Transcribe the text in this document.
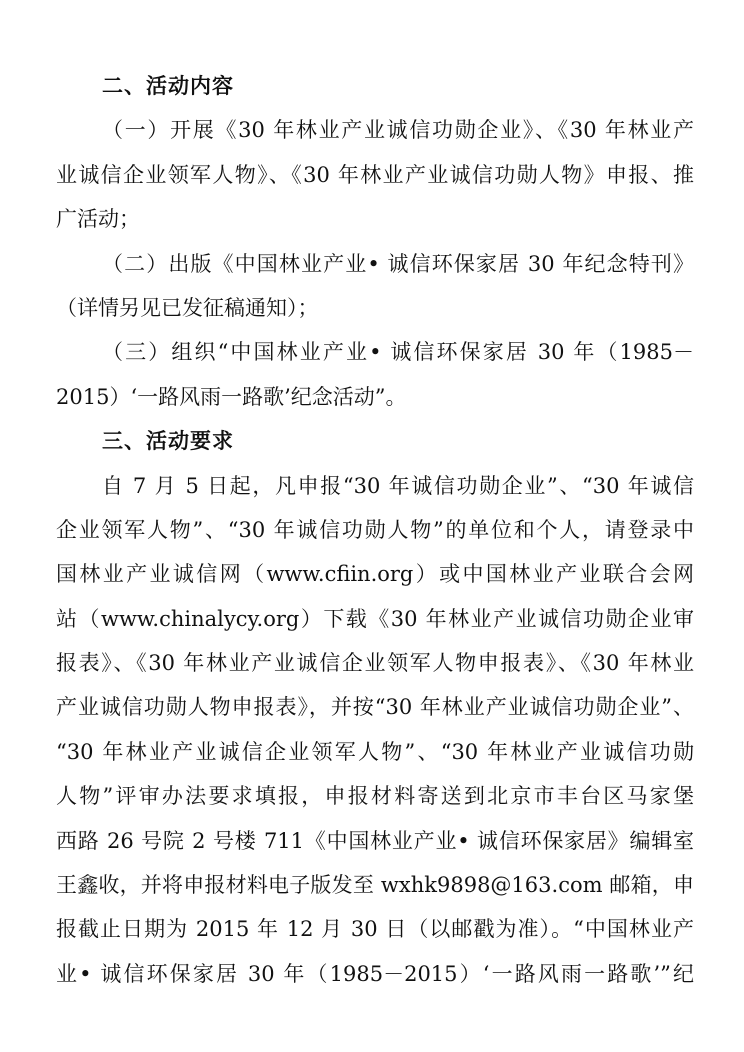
二、活动内容
（一）开展《30 年林业产业诚信功勋企业》、《30 年林业产
业诚信企业领军人物》、《30 年林业产业诚信功勋人物》申报、推
广活动；
（二）出版《中国林业产业• 诚信环保家居 30 年纪念特刊》
（详情另见已发征稿通知）；
（三）组织“中国林业产业• 诚信环保家居 30 年（1985－
2015）‘一路风雨一路歌’纪念活动”。
三、活动要求
自 7 月 5 日起，凡申报“30 年诚信功勋企业”、“30 年诚信
企业领军人物”、“30 年诚信功勋人物”的单位和个人，请登录中
国林业产业诚信网（www.cfiin.org）或中国林业产业联合会网
站（www.chinalycy.org）下载《30 年林业产业诚信功勋企业审
报表》、《30 年林业产业诚信企业领军人物申报表》、《30 年林业
产业诚信功勋人物申报表》，并按“30 年林业产业诚信功勋企业”、
“30 年林业产业诚信企业领军人物”、“30 年林业产业诚信功勋
人物”评审办法要求填报，申报材料寄送到北京市丰台区马家堡
西路 26 号院 2 号楼 711《中国林业产业• 诚信环保家居》编辑室
王鑫收，并将申报材料电子版发至 wxhk9898@163.com 邮箱，申
报截止日期为 2015 年 12 月 30 日（以邮戳为准）。“中国林业产
业• 诚信环保家居 30 年（1985－2015）‘一路风雨一路歌’”纪
